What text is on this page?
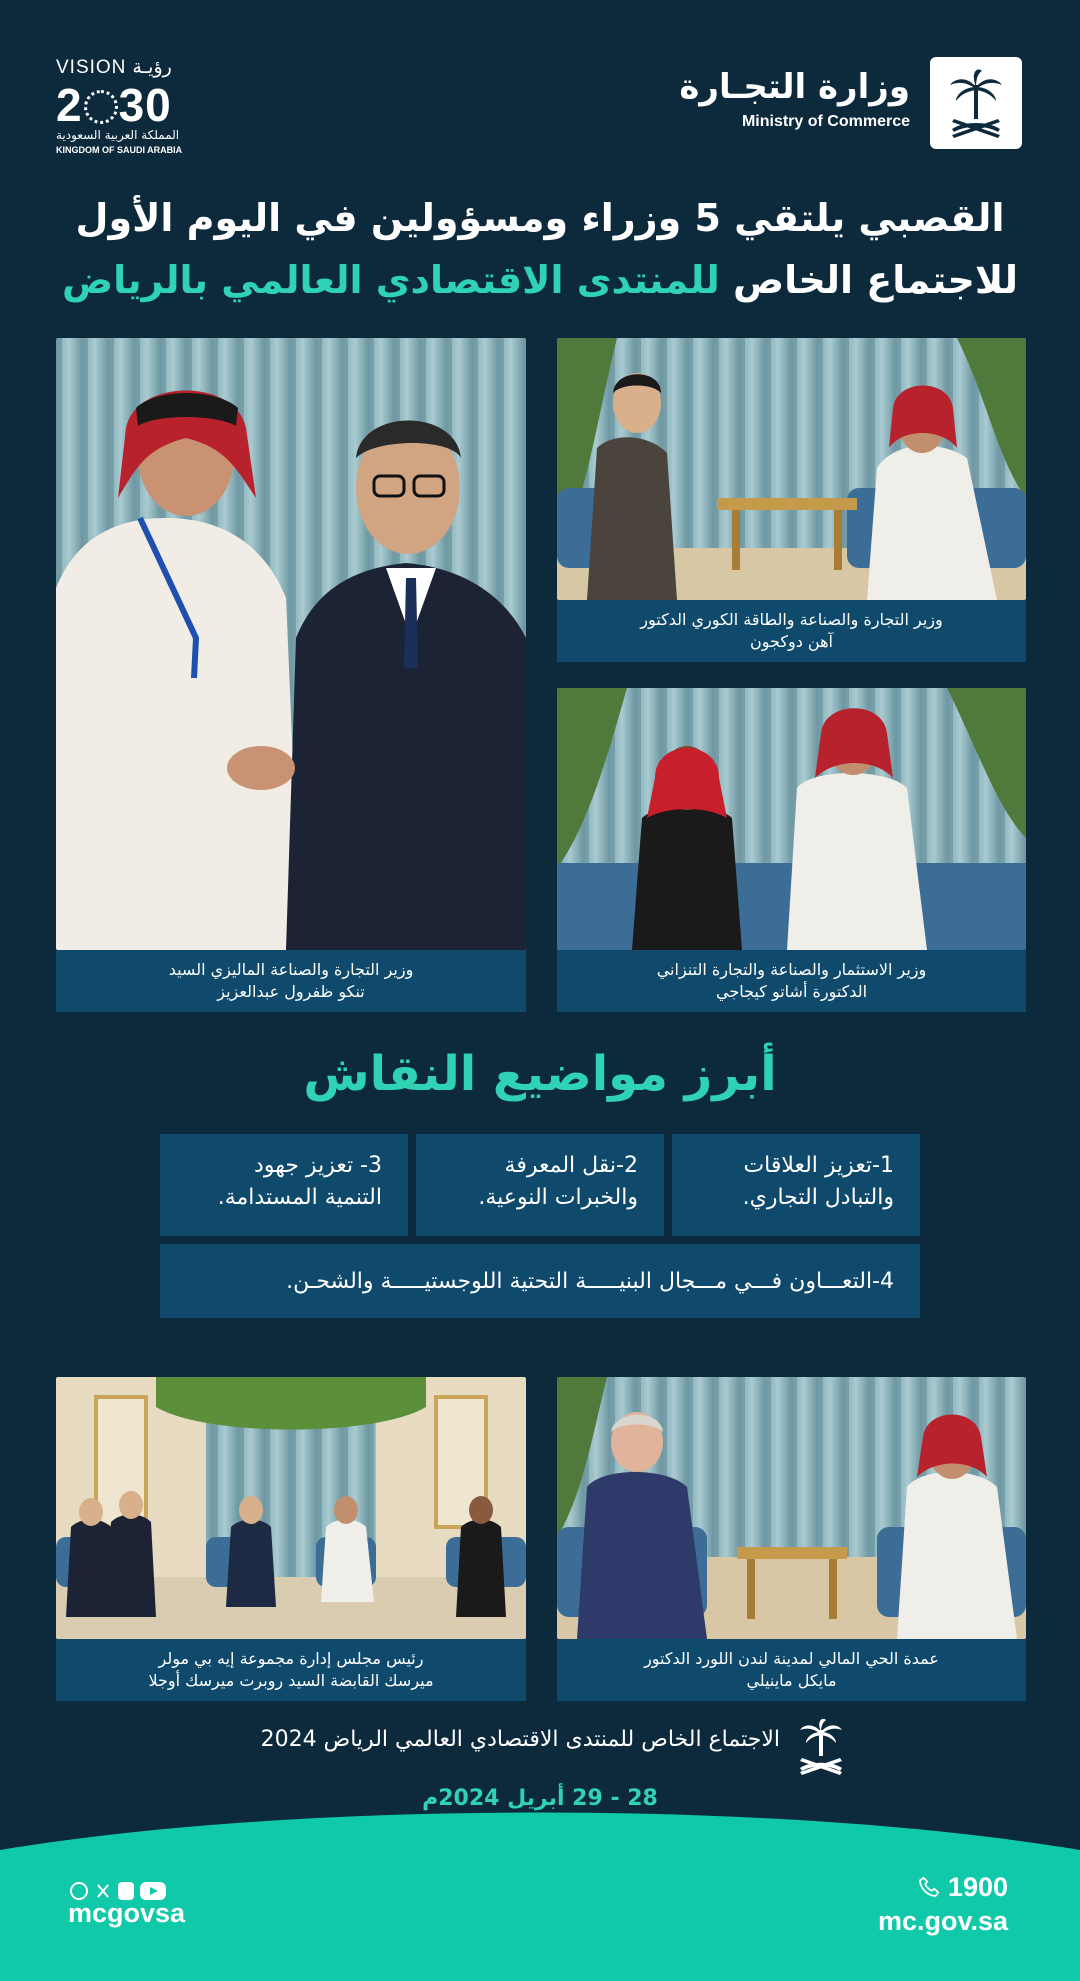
وزارة التجـارة
Ministry of Commerce
VISION رؤيـة
2 30
المملكة العربية السعودية
KINGDOM OF SAUDI ARABIA
القصبي يلتقي 5 وزراء ومسؤولين في اليوم الأول
للاجتماع الخاص للمنتدى الاقتصادي العالمي بالرياض
وزير التجارة والصناعة الماليزي السيد
تنكو ظفرول عبدالعزيز
وزير التجارة والصناعة والطاقة الكوري الدكتور
آهن دوكجون
وزير الاستثمار والصناعة والتجارة التنزاني
الدكتورة أشاتو كيجاجي
أبرز مواضيع النقاش
1-تعزيز العلاقات
والتبادل التجاري.
2-نقل المعرفة
والخبرات النوعية.
3- تعزيز جهود
التنمية المستدامة.
4-التعـــاون فـــي مـــجال البنيـــــة التحتية اللوجستيـــــة والشحـن.
رئيس مجلس إدارة مجموعة إيه بي مولر
ميرسك القابضة السيد روبرت ميرسك أوجلا
عمدة الحي المالي لمدينة لندن اللورد الدكتور
مايكل ماينيلي
الاجتماع الخاص للمنتدى الاقتصادي العالمي الرياض 2024
28 - 29 أبريل 2024م
mcgovsa
1900
mc.gov.sa
